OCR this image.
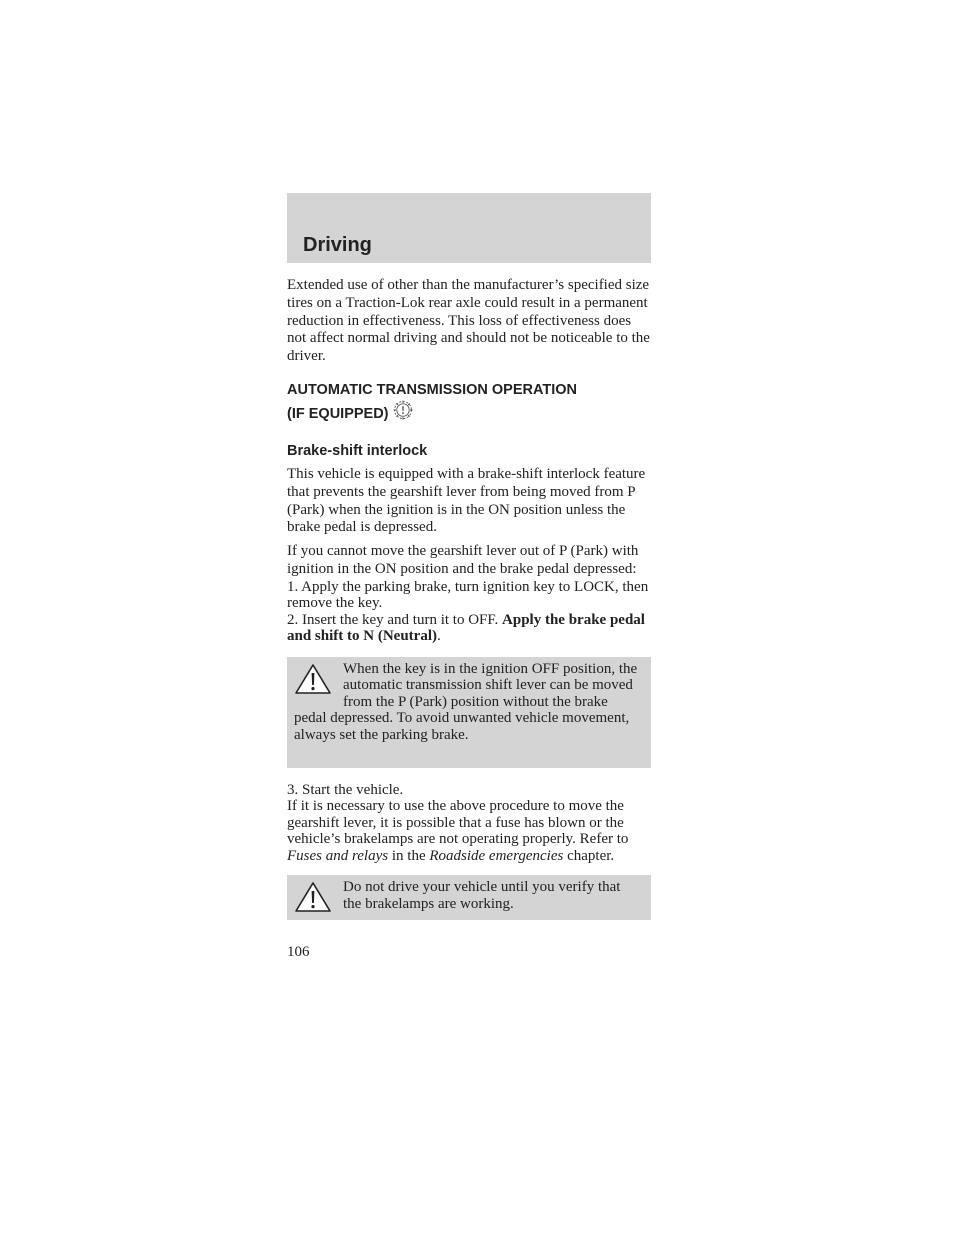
Driving

Extended use of other than the manufacturer’s specified size tires on a Traction-Lok rear axle could result in a permanent reduction in effectiveness. This loss of effectiveness does not affect normal driving and should not be noticeable to the driver.

AUTOMATIC TRANSMISSION OPERATION
(IF EQUIPPED)
Brake-shift interlock

This vehicle is equipped with a brake-shift interlock feature that prevents the gearshift lever from being moved from P (Park) when the ignition is in the ON position unless the brake pedal is depressed.

If you cannot move the gearshift lever out of P (Park) with ignition in the ON position and the brake pedal depressed:

1. Apply the parking brake, turn ignition key to LOCK, then remove the key.

2. Insert the key and turn it to OFF. Apply the brake pedal and shift to N (Neutral).

When the key is in the ignition OFF position, the automatic transmission shift lever can be moved from the P (Park) position without the brake pedal depressed. To avoid unwanted vehicle movement, always set the parking brake.

3. Start the vehicle.

If it is necessary to use the above procedure to move the gearshift lever, it is possible that a fuse has blown or the vehicle’s brakelamps are not operating properly. Refer to Fuses and relays in the Roadside emergencies chapter.

Do not drive your vehicle until you verify that the brakelamps are working.

106
